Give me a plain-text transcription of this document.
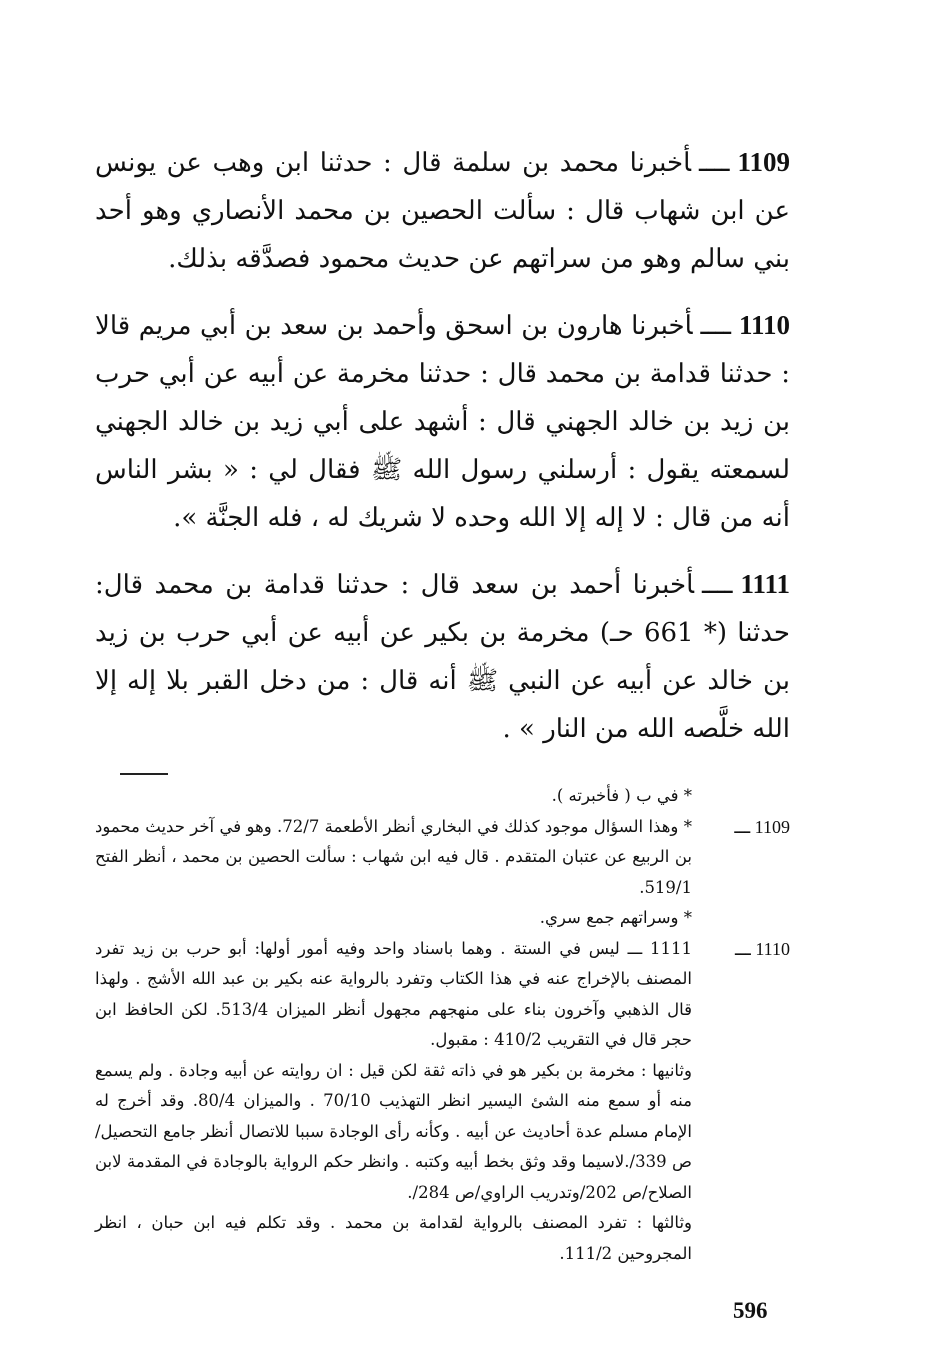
1109ــــأخبرنا محمد بن سلمة قال : حدثنا ابن وهب عن يونس عن ابن شهاب قال : سألت الحصين بن محمد الأنصاري وهو أحد بني سالم وهو من سراتهم عن حديث محمود فصدَّقه بذلك.

1110ــــأخبرنا هارون بن اسحق وأحمد بن سعد بن أبي مريم قالا : حدثنا قدامة بن محمد قال : حدثنا مخرمة عن أبيه عن أبي حرب بن زيد بن خالد الجهني قال : أشهد على أبي زيد بن خالد الجهني لسمعته يقول : أرسلني رسول الله ﷺ فقال لي : « بشر الناس أنه من قال : لا إله إلا الله وحده لا شريك له ، فله الجنَّة ».

1111ــــأخبرنا أحمد بن سعد قال : حدثنا قدامة بن محمد قال: حدثنا (* 661 حـ) مخرمة بن بكير عن أبيه عن أبي حرب بن زيد بن خالد عن أبيه عن النبي ﷺ أنه قال : من دخل القبر بلا إله إلا الله خلَّصه الله من النار » .

* في ب ( فأخبرته ).
1109 ـــ
* وهذا السؤال موجود كذلك في البخاري أنظر الأطعمة 72/7. وهو في آخر حديث محمود بن الربيع عن عتبان المتقدم . قال فيه ابن شهاب : سألت الحصين بن محمد ، أنظر الفتح 519/1.
* وسراتهم جمع سري.
1110 ـــ
1111 ـــ ليس في الستة . وهما باسناد واحد وفيه أمور أولها: أبو حرب بن زيد تفرد المصنف بالإخراج عنه في هذا الكتاب وتفرد بالرواية عنه بكير بن عبد الله الأشج . ولهذا قال الذهبي وآخرون بناء على منهجهم مجهول أنظر الميزان 513/4. لكن الحافظ ابن حجر قال في التقريب 410/2 : مقبول.
وثانيها : مخرمة بن بكير هو في ذاته ثقة لكن قيل : ان روايته عن أبيه وجادة . ولم يسمع منه أو سمع منه الشئ اليسير انظر التهذيب 70/10 . والميزان 80/4. وقد أخرج له الإمام مسلم عدة أحاديث عن أبيه . وكأنه رأى الوجادة سببا للاتصال أنظر جامع التحصيل/ص 339/.لاسيما وقد وثق بخط أبيه وكتبه . وانظر حكم الرواية بالوجادة في المقدمة لابن الصلاح/ص 202/وتدريب الراوي/ص 284/.
وثالثها : تفرد المصنف بالرواية لقدامة بن محمد . وقد تكلم فيه ابن حبان ، انظر المجروحين 111/2.
596
